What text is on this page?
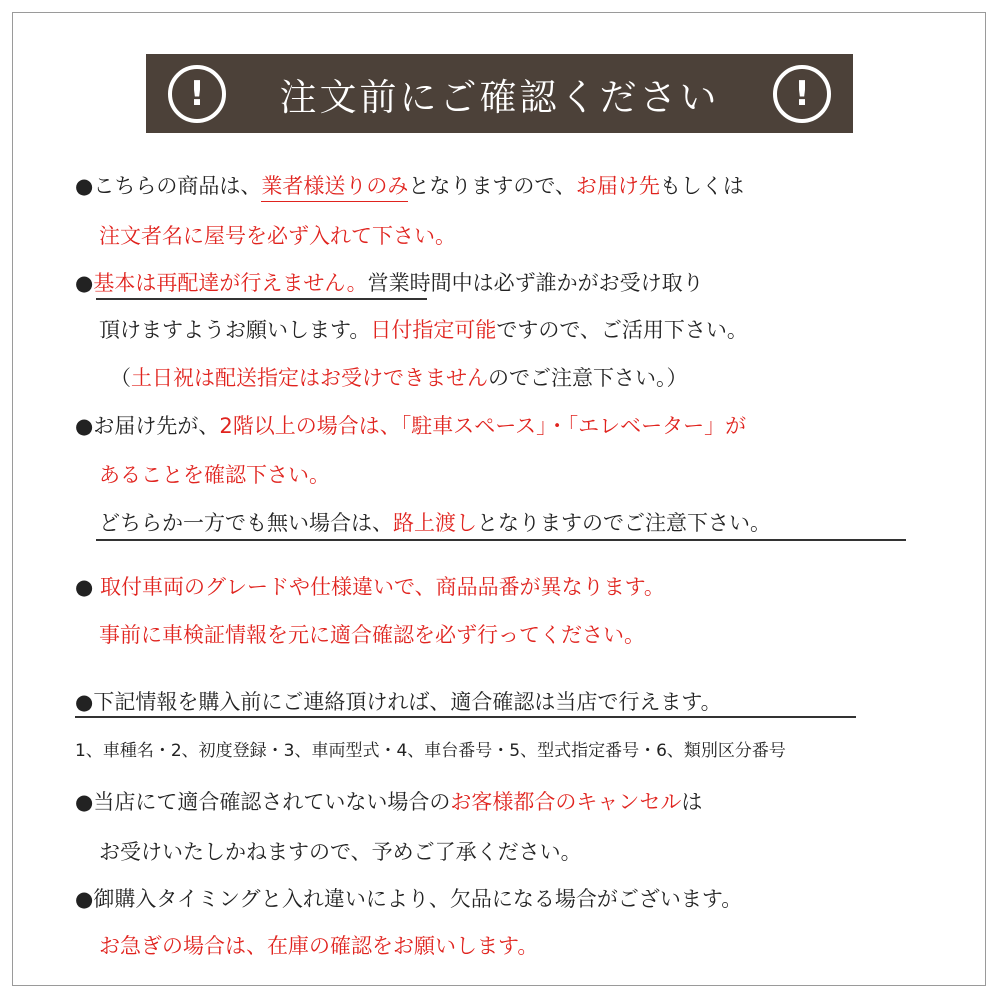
! 注文前にご確認ください !
●こちらの商品は、業者様送りのみとなりますので、お届け先もしくは
注文者名に屋号を必ず入れて下さい。
●基本は再配達が行えません。営業時間中は必ず誰かがお受け取り
頂けますようお願いします。日付指定可能ですので、ご活用下さい。
（土日祝は配送指定はお受けできませんのでご注意下さい。）
●お届け先が、2階以上の場合は、「駐車スペース」・「エレベーター」が
あることを確認下さい。
どちらか一方でも無い場合は、路上渡しとなりますのでご注意下さい。
● 取付車両のグレードや仕様違いで、商品品番が異なります。
事前に車検証情報を元に適合確認を必ず行ってください。
●下記情報を購入前にご連絡頂ければ、適合確認は当店で行えます。
1、車種名・2、初度登録・3、車両型式・4、車台番号・5、型式指定番号・6、類別区分番号
●当店にて適合確認されていない場合のお客様都合のキャンセルは
お受けいたしかねますので、予めご了承ください。
●御購入タイミングと入れ違いにより、欠品になる場合がございます。
お急ぎの場合は、在庫の確認をお願いします。
